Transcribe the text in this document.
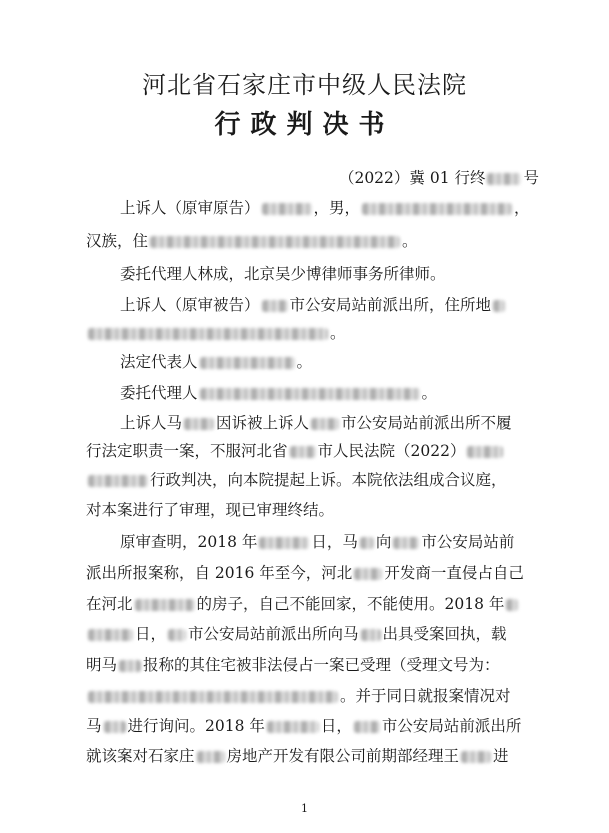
河北省石家庄市中级人民法院
行政判决书
（2022）冀 01 行终 号
上诉人（原审原告）	，男，	，
汉族，住	。
委托代理人林成，北京吴少博律师事务所律师。
上诉人（原审被告） 市公安局站前派出所，住所地
。
法定代表人	。
委托代理人	。
上诉人马 因诉被上诉人 市公安局站前派出所不履
行法定职责一案，不服河北省 市人民法院（2022）
行政判决，向本院提起上诉。本院依法组成合议庭，
对本案进行了审理，现已审理终结。
原审查明，2018 年	日，马 向 市公安局站前
派出所报案称，自 2016 年至今，河北 开发商一直侵占自己
在河北	的房子，自己不能回家，不能使用。2018 年
日， 市公安局站前派出所向马 出具受案回执，载
明马 报称的其住宅被非法侵占一案已受理（受理文号为：
。并于同日就报案情况对
马 进行询问。2018 年	日， 市公安局站前派出所
就该案对石家庄 房地产开发有限公司前期部经理王 进
1
